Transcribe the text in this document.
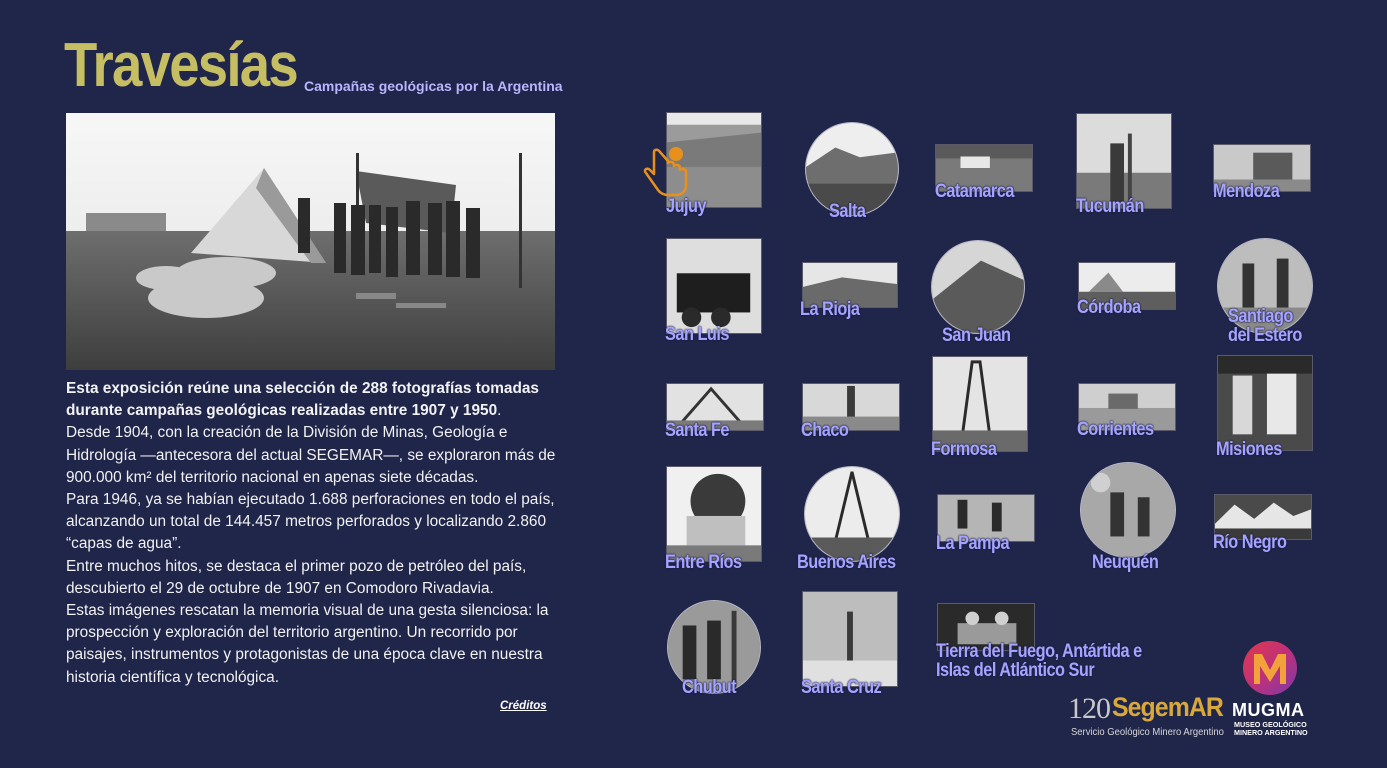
Travesías Campañas geológicas por la Argentina
Esta exposición reúne una selección de 288 fotografías tomadas durante campañas geológicas realizadas entre 1907 y 1950.
Desde 1904, con la creación de la División de Minas, Geología e Hidrología —antecesora del actual SEGEMAR—, se exploraron más de 900.000 km² del territorio nacional en apenas siete décadas.
Para 1946, ya se habían ejecutado 1.688 perforaciones en todo el país, alcanzando un total de 144.457 metros perforados y localizando 2.860 “capas de agua”.
Entre muchos hitos, se destaca el primer pozo de petróleo del país, descubierto el 29 de octubre de 1907 en Comodoro Rivadavia.
Estas imágenes rescatan la memoria visual de una gesta silenciosa: la prospección y exploración del territorio argentino. Un recorrido por paisajes, instrumentos y protagonistas de una época clave en nuestra historia científica y tecnológica.
Créditos
Jujuy	Salta
Catamarca
Tucumán
Mendoza
San Luis
La Rioja
San Juan
Córdoba	Santiago
del Estero
Santa Fe	Chaco
Formosa
Corrientes
Misiones
Entre Ríos	Buenos Aires
La Pampa
Neuquén
Río Negro
Chubut	Santa Cruz
Tierra del Fuego, Antártida e
Islas del Atlántico Sur
120 SegemAR
Servicio Geológico Minero Argentino
MUGMA
MUSEO GEOLÓGICO
MINERO ARGENTINO
